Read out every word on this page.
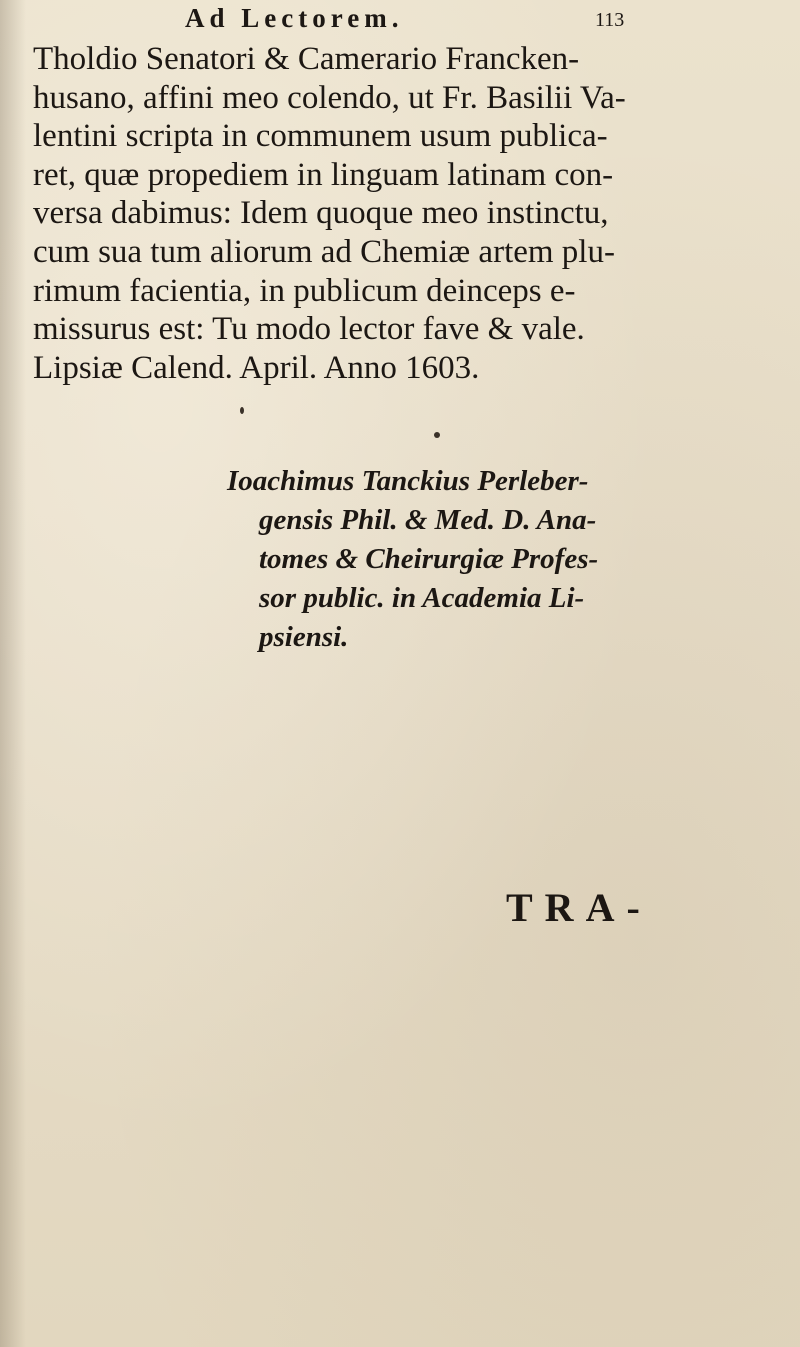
Ad Lectorem.	113
Tholdio Senatori & Camerario Francken-
husano, affini meo colendo, ut Fr. Basilii Va-
lentini scripta in communem usum publica-
ret, quæ propediem in linguam latinam con-
versa dabimus: Idem quoque meo instinctu,
cum sua tum aliorum ad Chemiæ artem plu-
rimum facientia, in publicum deinceps e-
missurus est: Tu modo lector fave & vale.
Lipsiæ Calend. April. Anno 1603.
Ioachimus Tanckius Perleber-
gensis Phil. & Med. D. Ana-
tomes & Cheirurgiæ Profes-
sor public. in Academia Li-
psiensi.
TRA-
